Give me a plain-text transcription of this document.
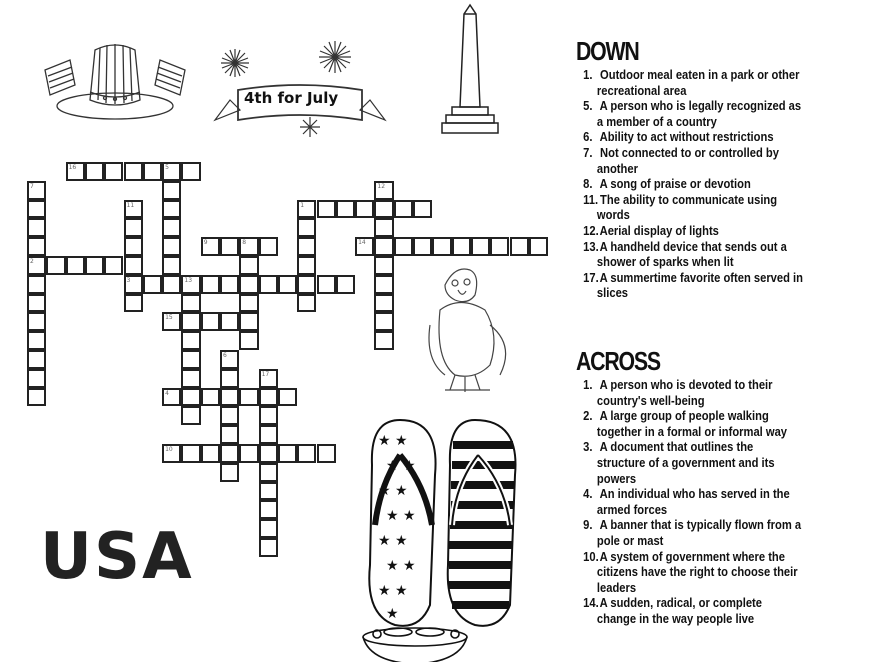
4th for July
★ ★
★ ★
★ ★
★ ★
★ ★
★ ★
★ ★
★
USA
16	5
7
2
11
3	13
9	8
15
6
17
4
10
1
12
14
DOWN
1. Outdoor meal eaten in a park or other recreational area
5. A person who is legally recognized as a member of a country
6. Ability to act without restrictions
7. Not connected to or controlled by another
8. A song of praise or devotion
11. The ability to communicate using words
12. Aerial display of lights
13. A handheld device that sends out a shower of sparks when lit
17. A summertime favorite often served in slices
ACROSS
1. A person who is devoted to their country's well-being
2. A large group of people walking together in a formal or informal way
3. A document that outlines the structure of a government and its powers
4. An individual who has served in the armed forces
9. A banner that is typically flown from a pole or mast
10. A system of government where the citizens have the right to choose their leaders
14. A sudden, radical, or complete change in the way people live
